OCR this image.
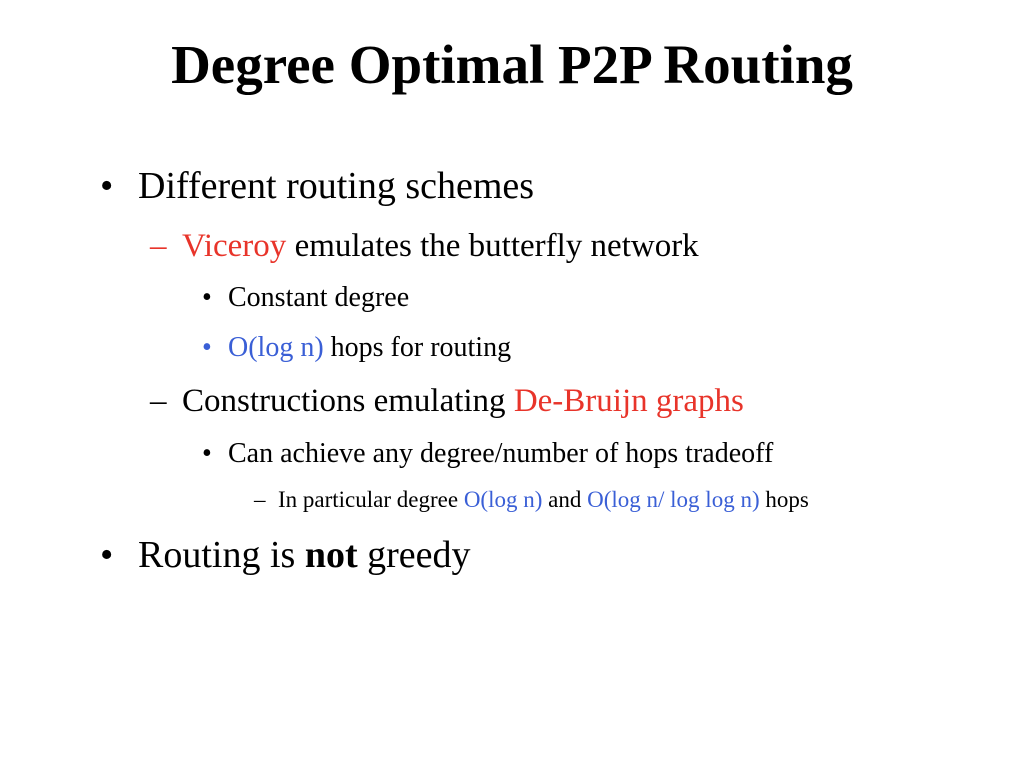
Degree Optimal P2P Routing
• Different routing schemes
– Viceroy emulates the butterfly network
• Constant degree
• O(log n) hops for routing
– Constructions emulating De-Bruijn graphs
• Can achieve any degree/number of hops tradeoff
– In particular degree O(log n) and O(log n/ log log n) hops
• Routing is not greedy
